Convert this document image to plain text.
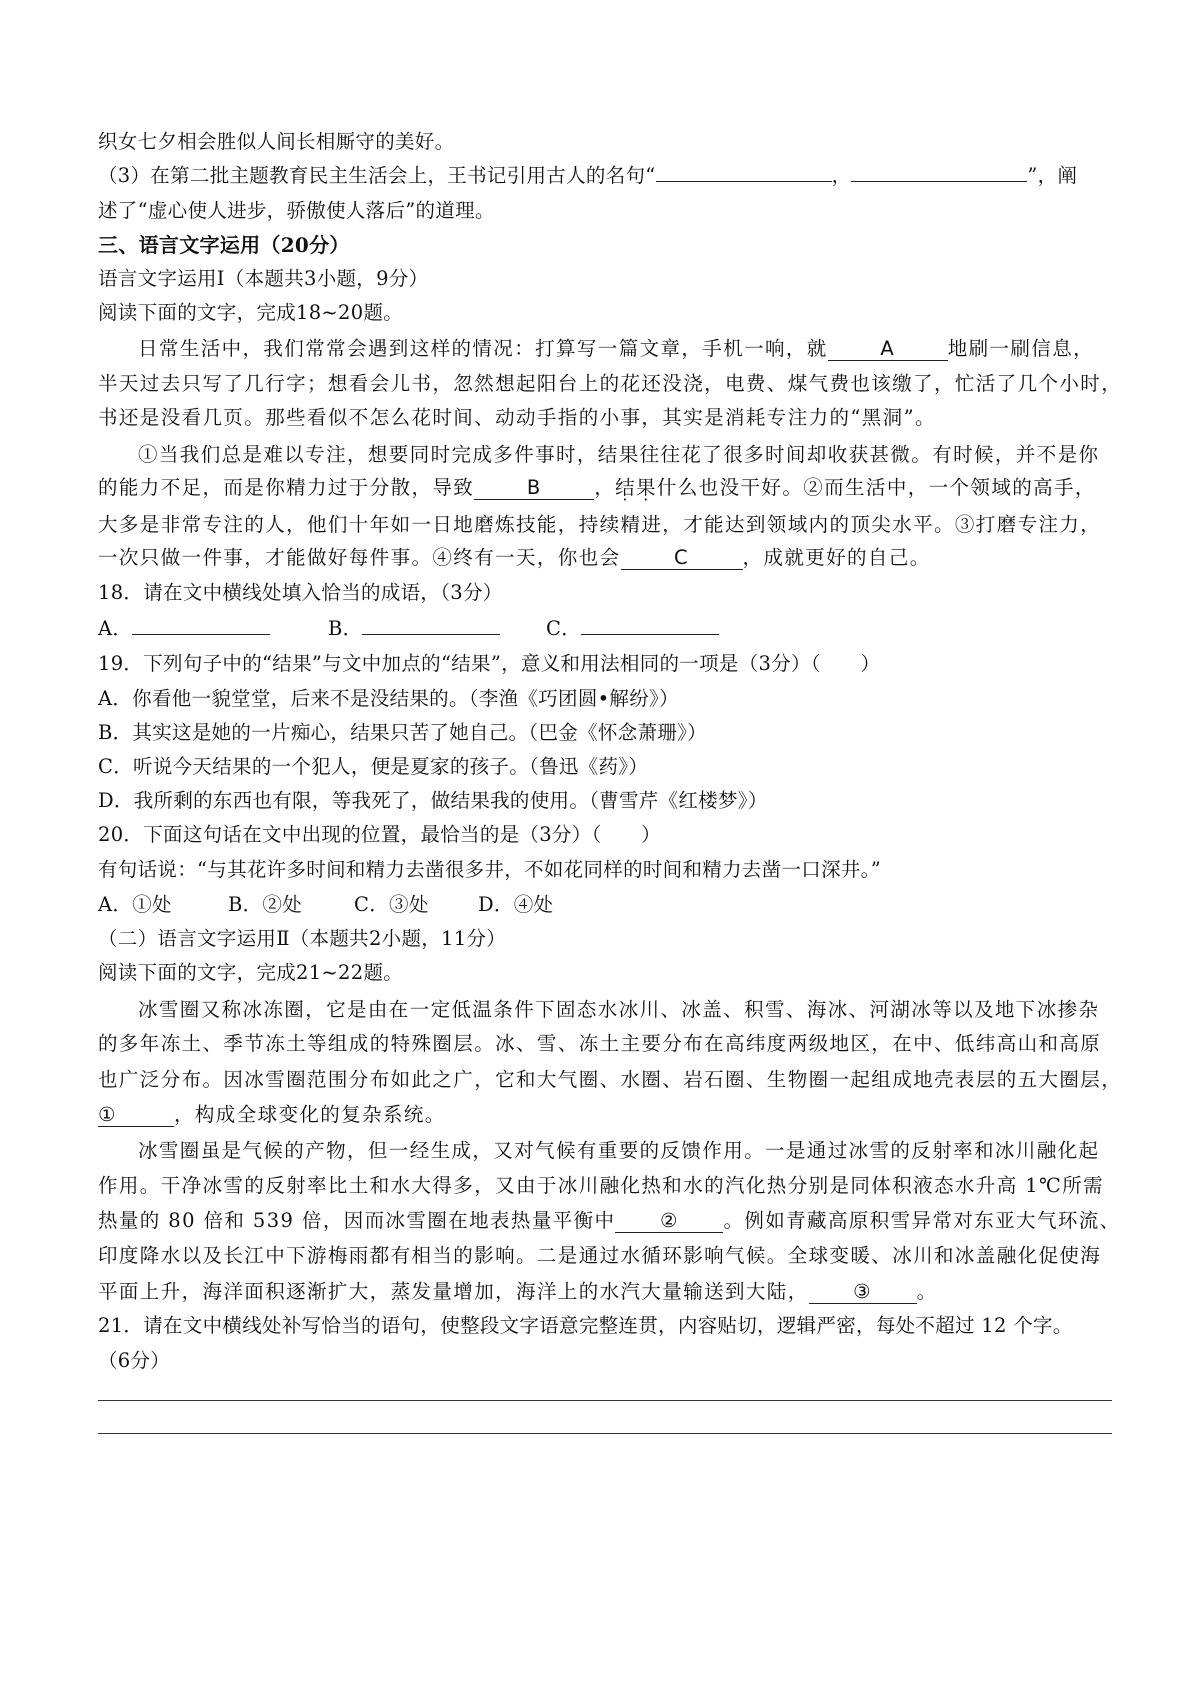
织女七夕相会胜似人间长相厮守的美好。
（3）在第二批主题教育民主生活会上，王书记引用古人的名句“	，	”，阐
述了“虚心使人进步，骄傲使人落后”的道理。
三、语言文字运用（20分）
语言文字运用Ⅰ（本题共3小题，9分）
阅读下面的文字，完成18~20题。
日常生活中，我们常常会遇到这样的情况：打算写一篇文章，手机一响，就	A	地刷一刷信息，
半天过去只写了几行字；想看会儿书，忽然想起阳台上的花还没浇，电费、煤气费也该缴了，忙活了几个小时，
书还是没看几页。那些看似不怎么花时间、动动手指的小事，其实是消耗专注力的“黑洞”。
①当我们总是难以专注，想要同时完成多件事时，结果往往花了很多时间却收获甚微。有时候，并不是你
的能力不足，而是你精力过于分散，导致	B	，结果什么也没干好。②而生活中，一个领域的高手，
大多是非常专注的人，他们十年如一日地磨炼技能，持续精进，才能达到领域内的顶尖水平。③打磨专注力，
一次只做一件事，才能做好每件事。④终有一天，你也会	C	，成就更好的自己。
18．请在文中横线处填入恰当的成语，（3分）
A．	B．	C．
19．下列句子中的“结果”与文中加点的“结果”，意义和用法相同的一项是（3分）（　　）
A．你看他一貌堂堂，后来不是没结果的。（李渔《巧团圆•解纷》）
B．其实这是她的一片痴心，结果只苦了她自己。（巴金《怀念萧珊》）
C．听说今天结果的一个犯人，便是夏家的孩子。（鲁迅《药》）
D．我所剩的东西也有限，等我死了，做结果我的使用。（曹雪芹《红楼梦》）
20．下面这句话在文中出现的位置，最恰当的是（3分）（　　）
有句话说：“与其花许多时间和精力去凿很多井，不如花同样的时间和精力去凿一口深井。”
A．①处	B．②处	C．③处	D．④处
（二）语言文字运用Ⅱ（本题共2小题，11分）
阅读下面的文字，完成21~22题。
冰雪圈又称冰冻圈，它是由在一定低温条件下固态水冰川、冰盖、积雪、海冰、河湖冰等以及地下冰掺杂
的多年冻土、季节冻土等组成的特殊圈层。冰、雪、冻土主要分布在高纬度两级地区，在中、低纬高山和高原
也广泛分布。因冰雪圈范围分布如此之广，它和大气圈、水圈、岩石圈、生物圈一起组成地壳表层的五大圈层，
①	，构成全球变化的复杂系统。
冰雪圈虽是气候的产物，但一经生成，又对气候有重要的反馈作用。一是通过冰雪的反射率和冰川融化起
作用。干净冰雪的反射率比土和水大得多，又由于冰川融化热和水的汽化热分别是同体积液态水升高 1℃所需
热量的 80 倍和 539 倍，因而冰雪圈在地表热量平衡中 ② 。例如青藏高原积雪异常对东亚大气环流、
印度降水以及长江中下游梅雨都有相当的影响。二是通过水循环影响气候。全球变暖、冰川和冰盖融化促使海
平面上升，海洋面积逐渐扩大，蒸发量增加，海洋上的水汽大量输送到大陆， ③ 。
21．请在文中横线处补写恰当的语句，使整段文字语意完整连贯，内容贴切，逻辑严密，每处不超过 12 个字。
（6分）
